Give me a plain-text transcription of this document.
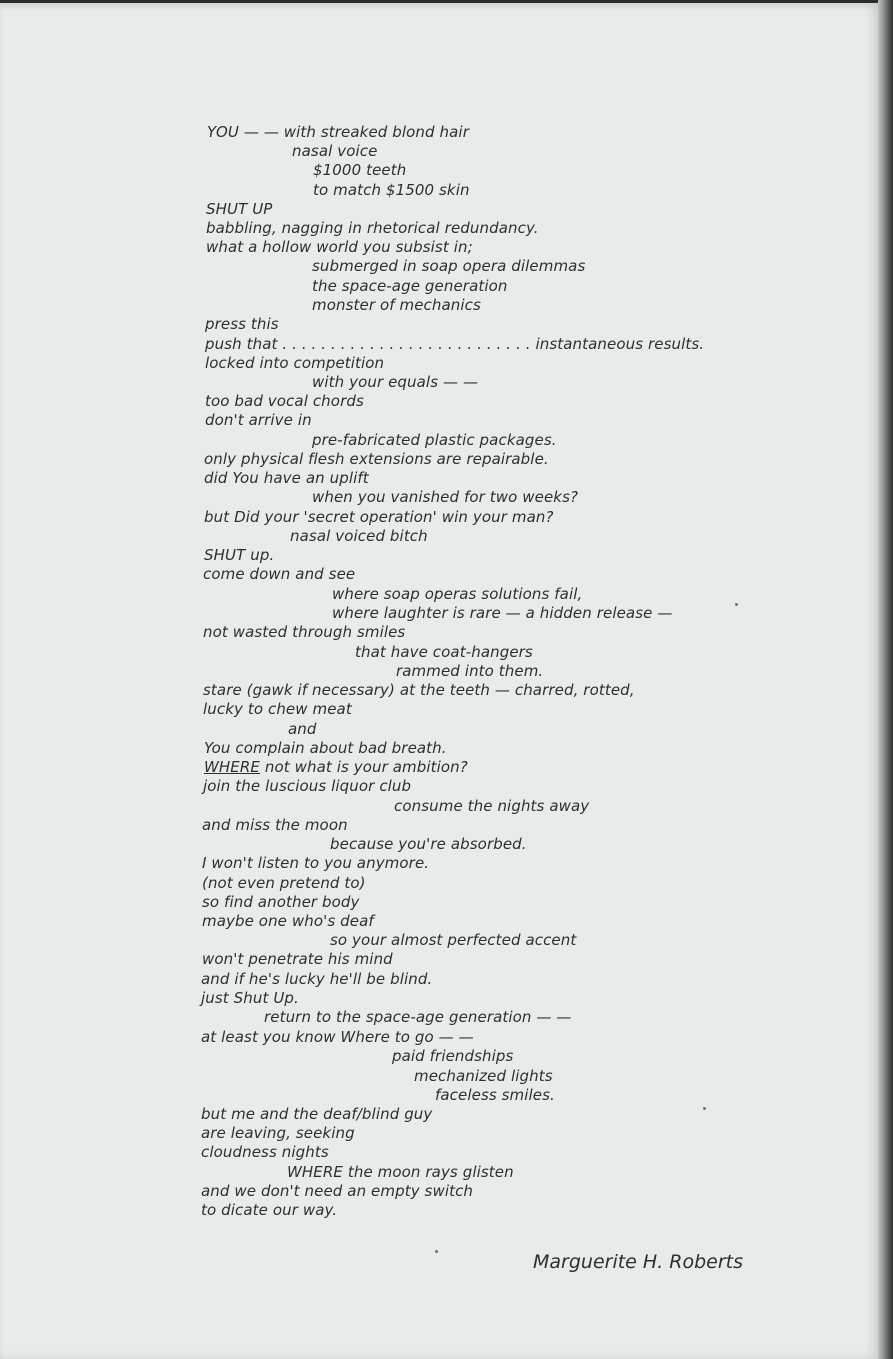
YOU — — with streaked blond hair

nasal voice

$1000 teeth

to match $1500 skin

SHUT UP

babbling, nagging in rhetorical redundancy.

what a hollow world you subsist in;

submerged in soap opera dilemmas

the space-age generation

monster of mechanics

press this

push that . . . . . . . . . . . . . . . . . . . . . . . . . . instantaneous results.

locked into competition

with your equals — —

too bad vocal chords

don't arrive in

pre-fabricated plastic packages.

only physical flesh extensions are repairable.

did You have an uplift

when you vanished for two weeks?

but Did your 'secret operation' win your man?

nasal voiced bitch

SHUT up.

come down and see

where soap operas solutions fail,

where laughter is rare — a hidden release —

not wasted through smiles

that have coat-hangers

rammed into them.

stare (gawk if necessary) at the teeth — charred, rotted,

lucky to chew meat

and

You complain about bad breath.

WHERE not what is your ambition?

join the luscious liquor club

consume the nights away

and miss the moon

because you're absorbed.

I won't listen to you anymore.

(not even pretend to)

so find another body

maybe one who's deaf

so your almost perfected accent

won't penetrate his mind

and if he's lucky he'll be blind.

just Shut Up.

return to the space-age generation — —

at least you know Where to go — —

paid friendships

mechanized lights

faceless smiles.

but me and the deaf/blind guy

are leaving, seeking

cloudness nights

WHERE the moon rays glisten

and we don't need an empty switch

to dicate our way.

Marguerite H. Roberts
